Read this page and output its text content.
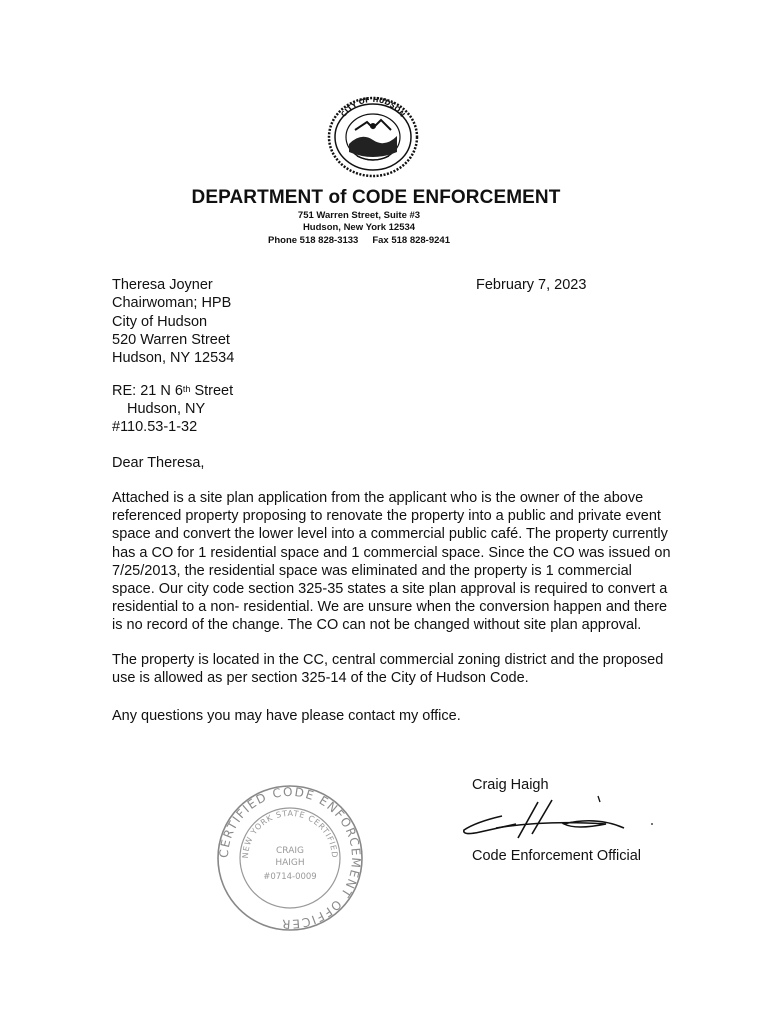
CITY OF HUDSON
DEPARTMENT of CODE ENFORCEMENT
751 Warren Street, Suite #3
Hudson, New York 12534
Phone 518 828-3133 Fax 518 828-9241
Theresa Joyner
Chairwoman; HPB
City of Hudson
520 Warren Street
Hudson, NY 12534
February 7, 2023
RE: 21 N 6th Street
Hudson, NY
#110.53-1-32
Dear Theresa,
Attached is a site plan application from the applicant who is the owner of the above
referenced property proposing to renovate the property into a public and private event
space and convert the lower level into a commercial public café. The property currently
has a CO for 1 residential space and 1 commercial space. Since the CO was issued on
7/25/2013, the residential space was eliminated and the property is 1 commercial
space. Our city code section 325-35 states a site plan approval is required to convert a
residential to a non- residential. We are unsure when the conversion happen and there
is no record of the change. The CO can not be changed without site plan approval.
The property is located in the CC, central commercial zoning district and the proposed
use is allowed as per section 325-14 of the City of Hudson Code.
Any questions you may have please contact my office.
Craig Haigh
Code Enforcement Official
CERTIFIED CODE ENFORCEMENT OFFICER
NEW YORK STATE CERTIFIED
CRAIG
HAIGH
#0714-0009
